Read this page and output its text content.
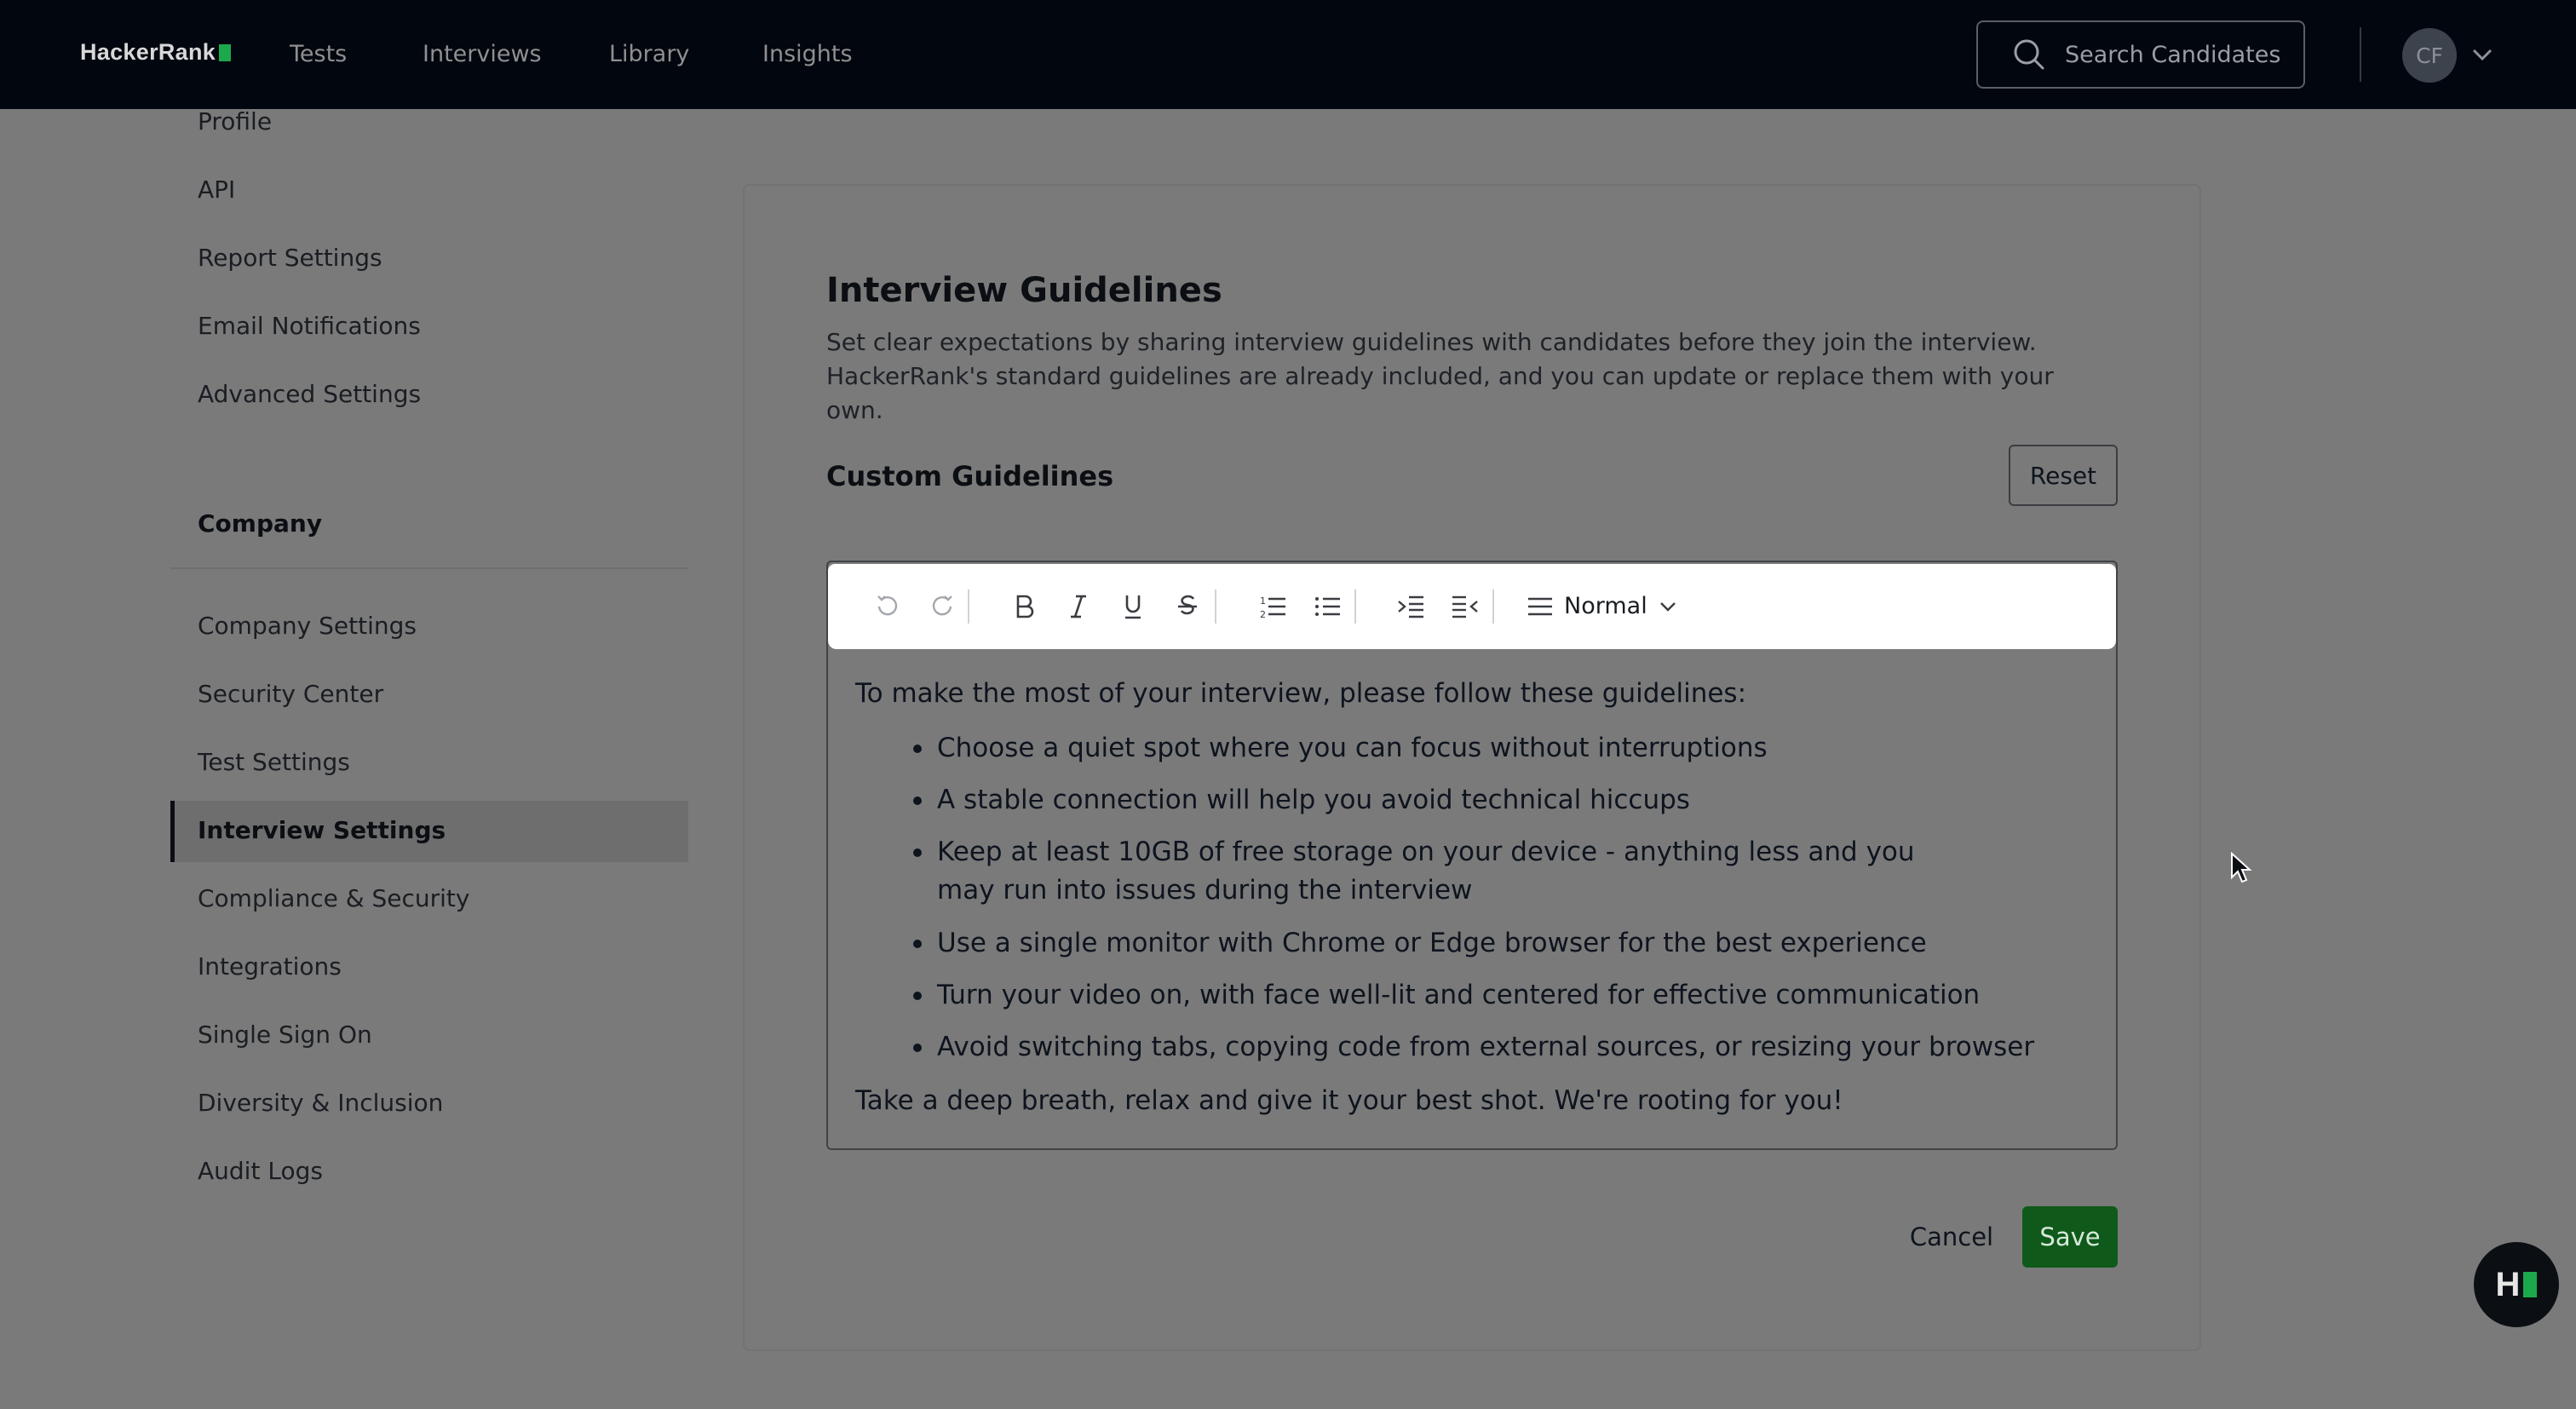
HackerRank	Tests	Interviews	Library	Insights	Search Candidates	CF
Profile
API
Report Settings
Email Notifications
Advanced Settings
Company
Company Settings
Security Center
Test Settings
Interview Settings
Compliance & Security
Integrations
Single Sign On
Diversity & Inclusion
Audit Logs
Interview Guidelines

Set clear expectations by sharing interview guidelines with candidates before they join the interview. HackerRank's standard guidelines are already included, and you can update or replace them with your own.

Custom Guidelines	Reset
1
2	Normal
To make the most of your interview, please follow these guidelines:
Choose a quiet spot where you can focus without interruptions
A stable connection will help you avoid technical hiccups
Keep at least 10GB of free storage on your device - anything less and you may run into issues during the interview
Use a single monitor with Chrome or Edge browser for the best experience
Turn your video on, with face well-lit and centered for effective communication
Avoid switching tabs, copying code from external sources, or resizing your browser
Take a deep breath, relax and give it your best shot. We're rooting for you!
Cancel	Save
H
